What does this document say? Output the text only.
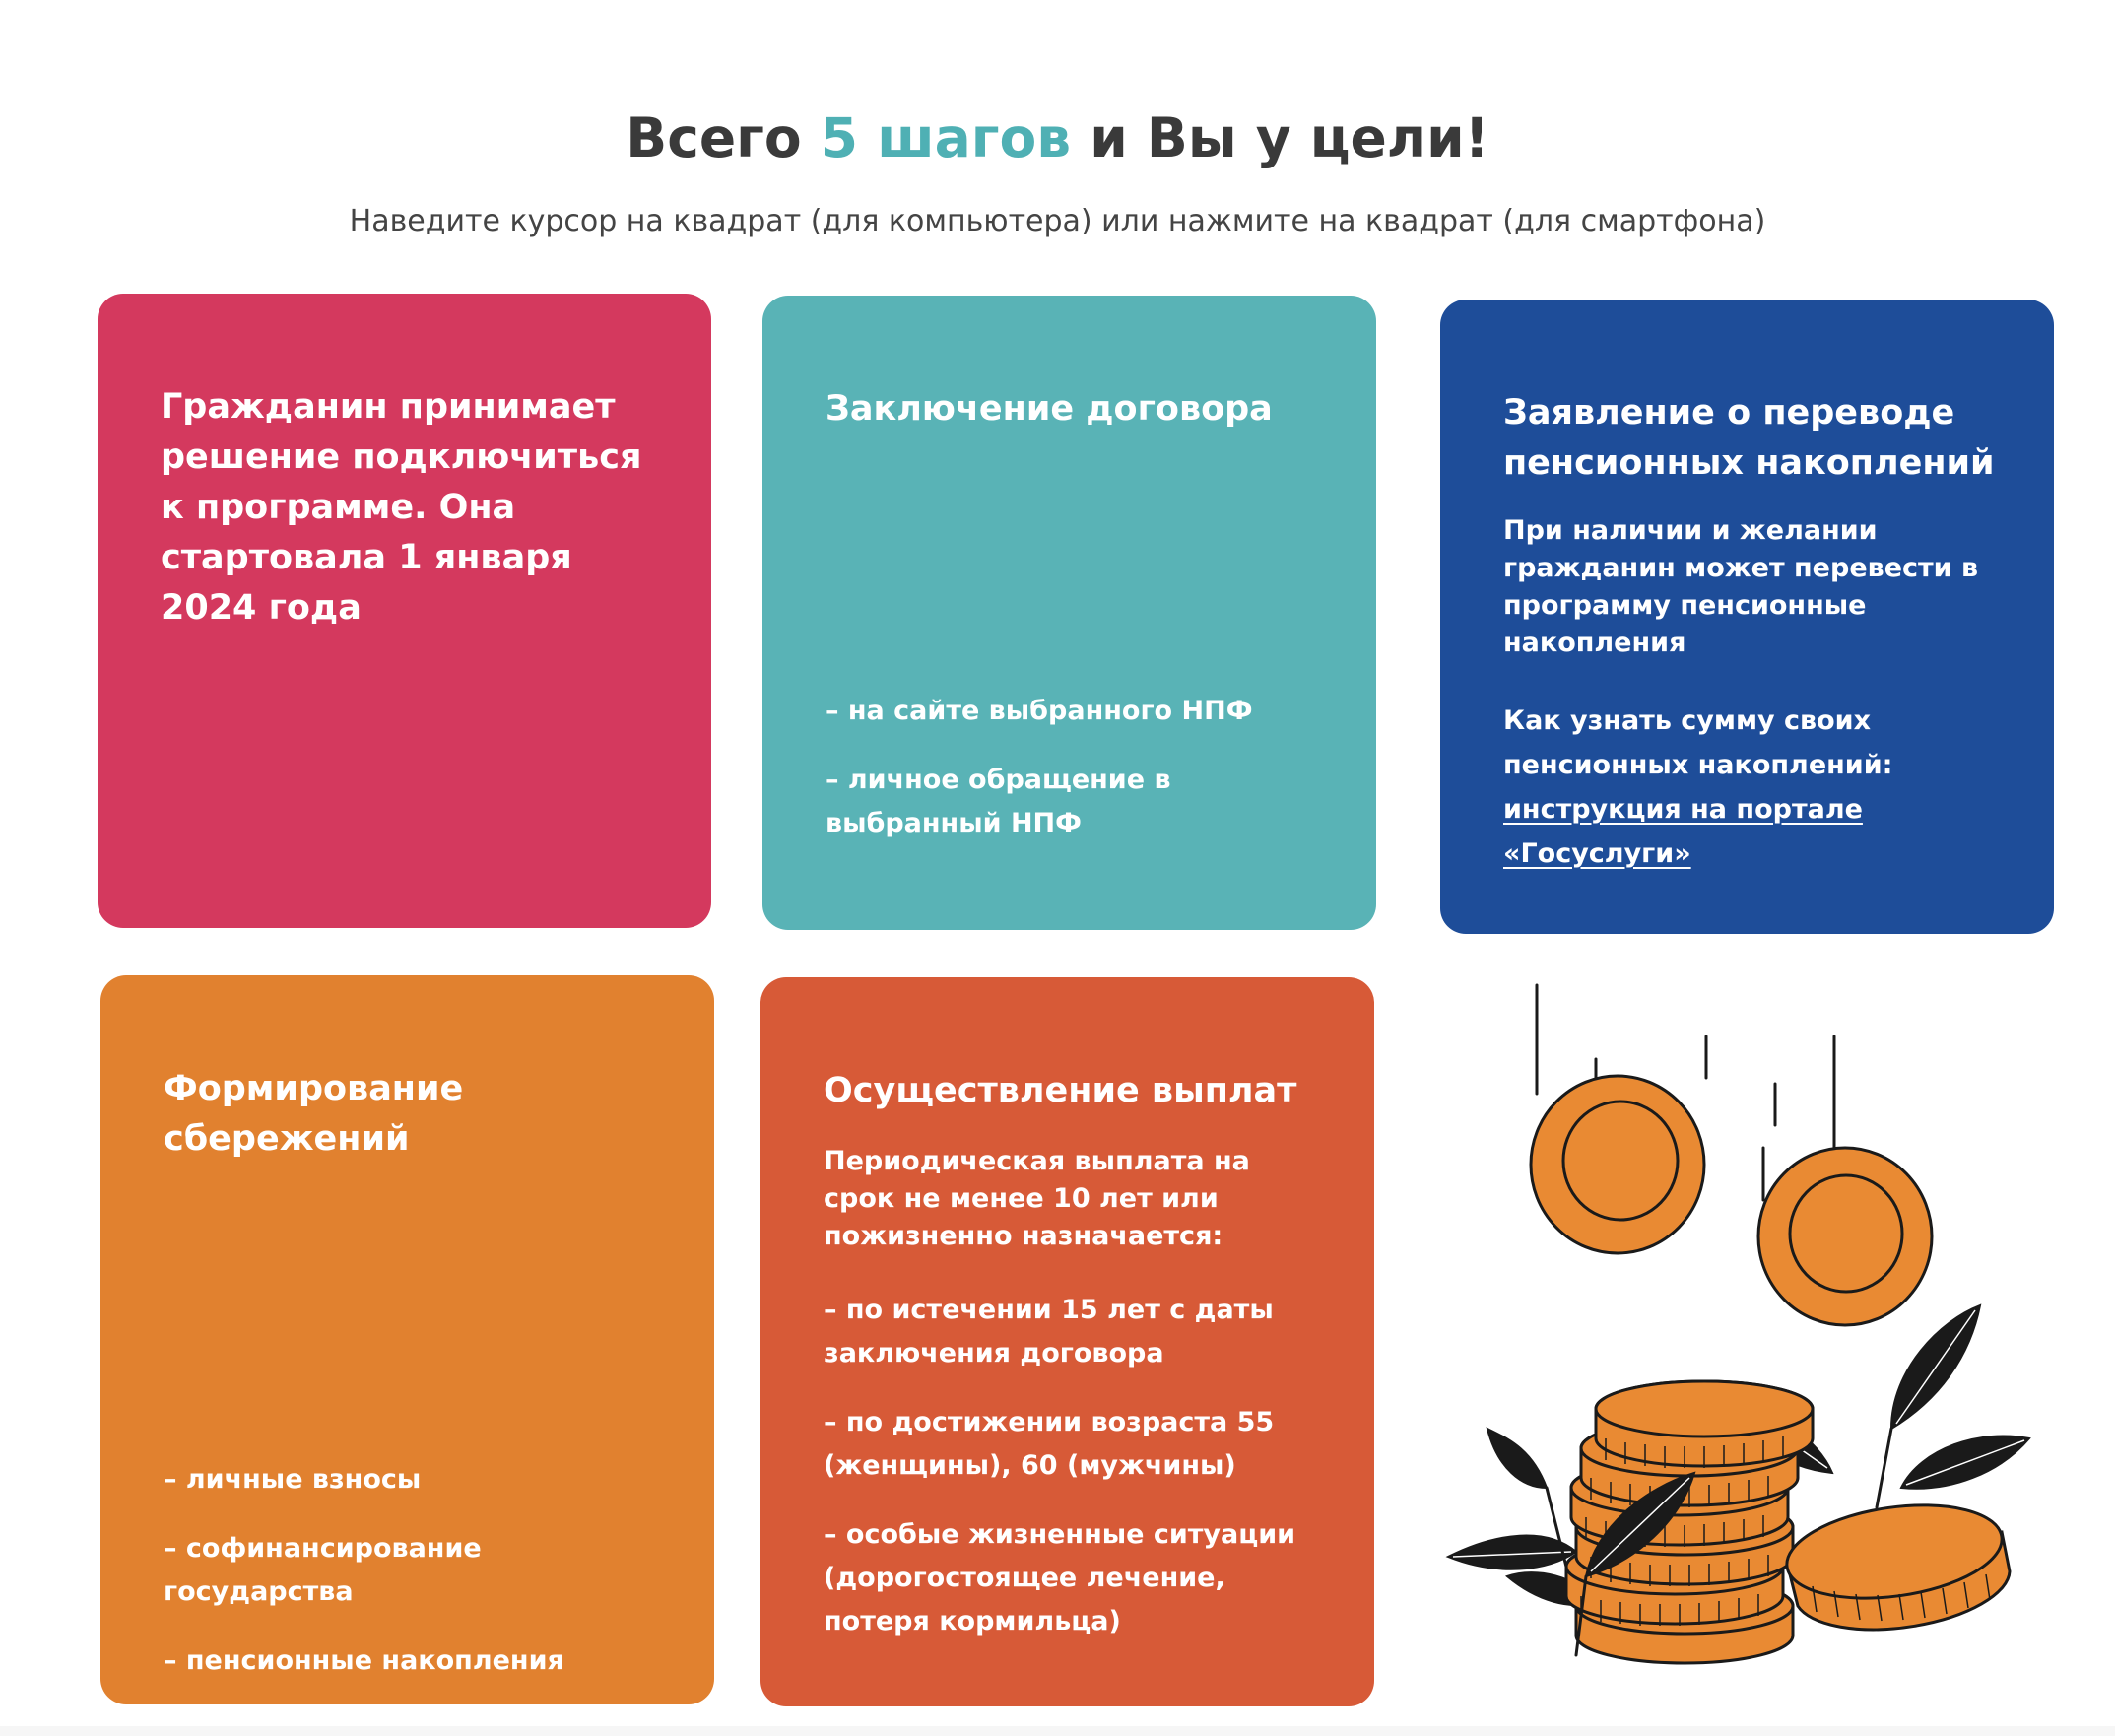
Всего 5 шагов и Вы у цели!

Наведите курсор на квадрат (для компьютера) или нажмите на квадрат (для смартфона)

Гражданин принимает решение подключиться к программе. Она стартовала 1 января 2024 года

Заключение договора

– на сайте выбранного НПФ
– личное обращение в выбранный НПФ

Заявление о переводе пенсионных накоплений

При наличии и желании гражданин может перевести в программу пенсионные накопления

Как узнать сумму своих пенсионных накоплений: инструкция на портале «Госуслуги»

Формирование сбережений

– личные взносы
– софинансирование государства
– пенсионные накопления

Осуществление выплат

Периодическая выплата на срок не менее 10 лет или пожизненно назначается:

– по истечении 15 лет с даты заключения договора
– по достижении возраста 55 (женщины), 60 (мужчины)
– особые жизненные ситуации (дорогостоящее лечение, потеря кормильца)
